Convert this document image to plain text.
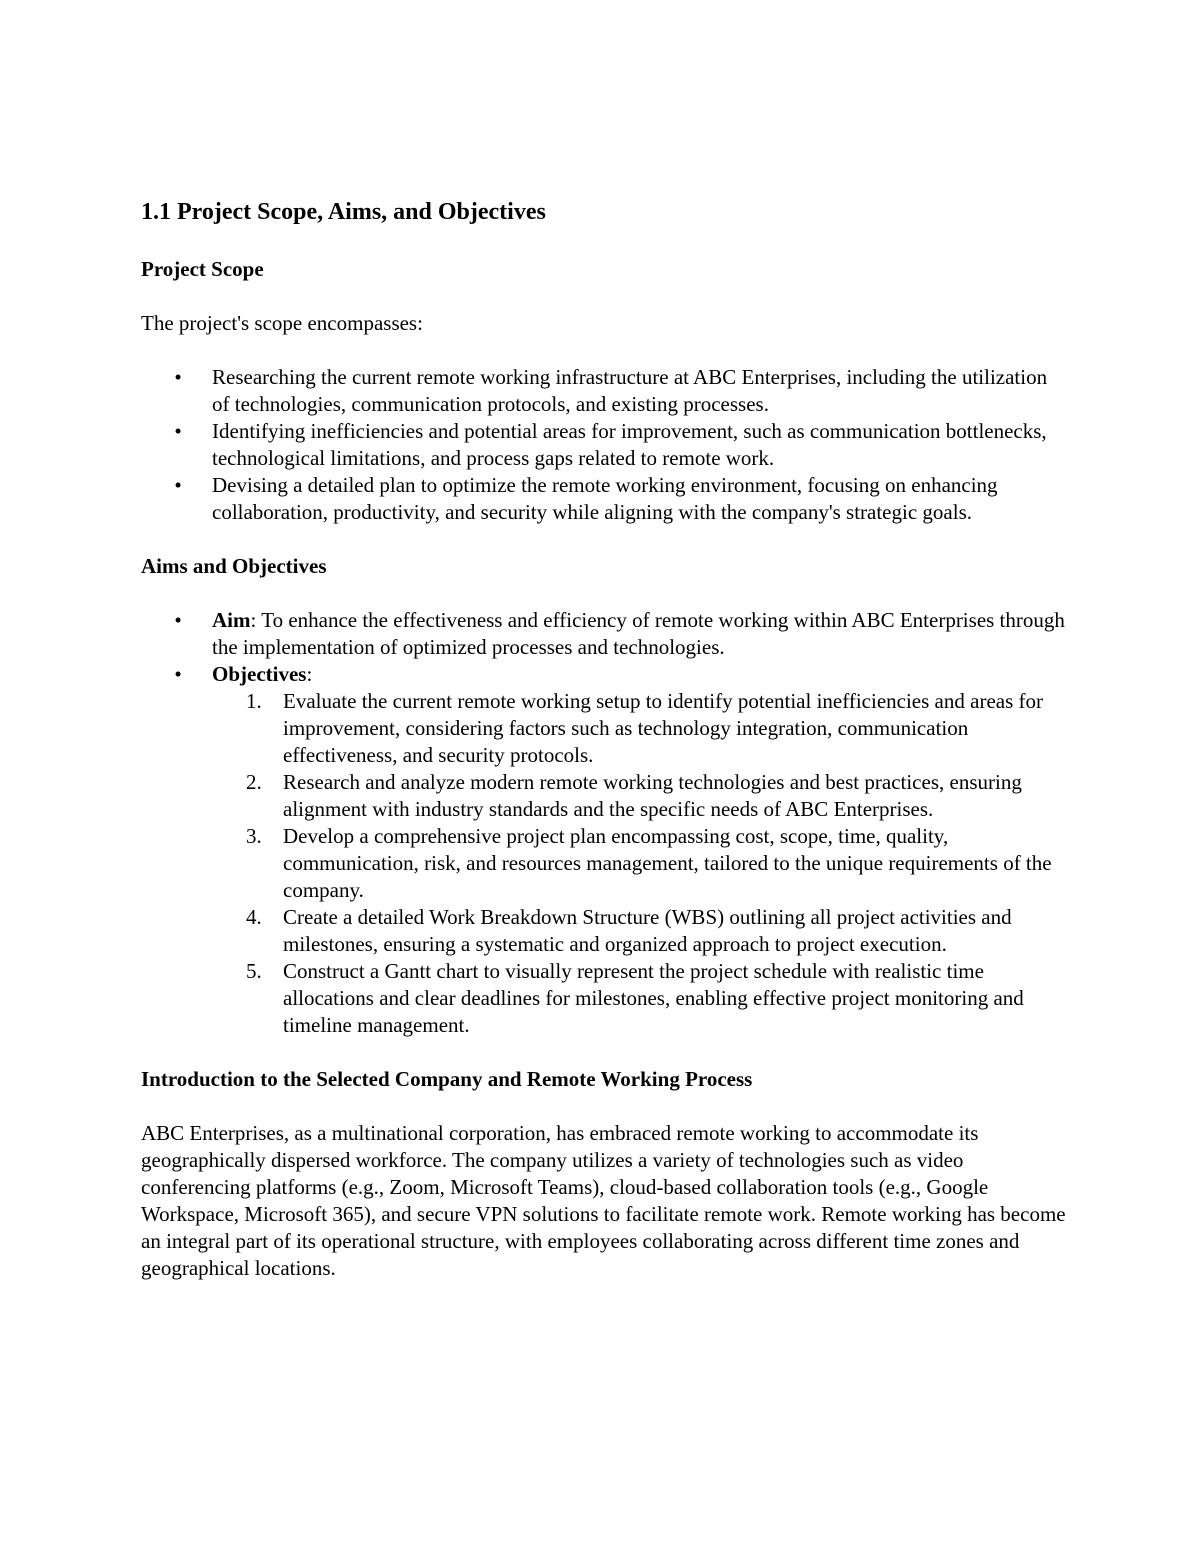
1.1 Project Scope, Aims, and Objectives
Project Scope

The project's scope encompasses:

• Researching the current remote working infrastructure at ABC Enterprises, including the utilization of technologies, communication protocols, and existing processes.
• Identifying inefficiencies and potential areas for improvement, such as communication bottlenecks, technological limitations, and process gaps related to remote work.
• Devising a detailed plan to optimize the remote working environment, focusing on enhancing collaboration, productivity, and security while aligning with the company's strategic goals.
Aims and Objectives
• Aim: To enhance the effectiveness and efficiency of remote working within ABC Enterprises through the implementation of optimized processes and technologies.
• Objectives:
1.	Evaluate the current remote working setup to identify potential inefficiencies and areas for improvement, considering factors such as technology integration, communication effectiveness, and security protocols.
2.	Research and analyze modern remote working technologies and best practices, ensuring alignment with industry standards and the specific needs of ABC Enterprises.
3.	Develop a comprehensive project plan encompassing cost, scope, time, quality, communication, risk, and resources management, tailored to the unique requirements of the company.
4.	Create a detailed Work Breakdown Structure (WBS) outlining all project activities and milestones, ensuring a systematic and organized approach to project execution.
5.	Construct a Gantt chart to visually represent the project schedule with realistic time allocations and clear deadlines for milestones, enabling effective project monitoring and timeline management.
Introduction to the Selected Company and Remote Working Process

ABC Enterprises, as a multinational corporation, has embraced remote working to accommodate its geographically dispersed workforce. The company utilizes a variety of technologies such as video conferencing platforms (e.g., Zoom, Microsoft Teams), cloud-based collaboration tools (e.g., Google Workspace, Microsoft 365), and secure VPN solutions to facilitate remote work. Remote working has become an integral part of its operational structure, with employees collaborating across different time zones and geographical locations.
